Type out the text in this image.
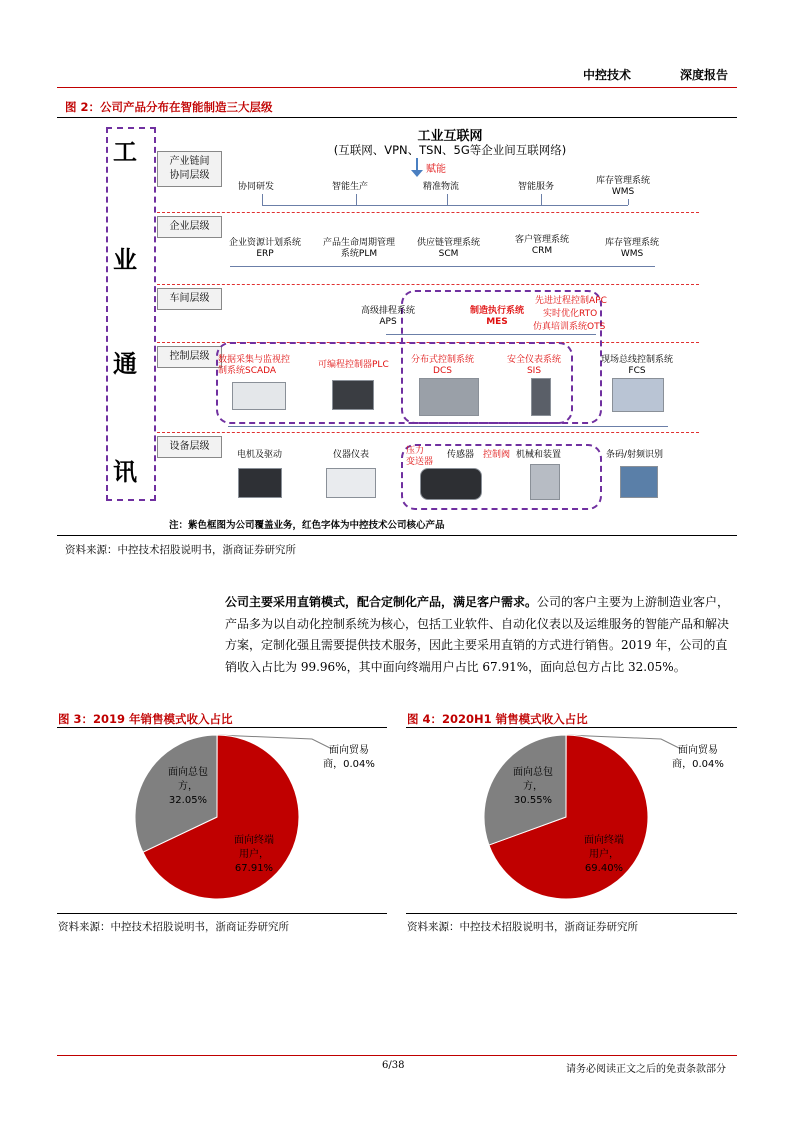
中控技术	深度报告
图 2：公司产品分布在智能制造三大层级
工
业
通
讯
工业互联网
(互联网、VPN、TSN、5G等企业间互联网络)
赋能
产业链间
协同层级
企业层级
车间层级
控制层级
设备层级
协同研发	智能生产	精准物流	智能服务
库存管理系统
WMS
企业资源计划系统
ERP
产品生命周期管理
系统PLM
供应链管理系统
SCM
客户管理系统
CRM
库存管理系统
WMS
高级排程系统
APS
制造执行系统
MES
先进过程控制APC
实时优化RTO
仿真培训系统OTS
数据采集与监视控
制系统SCADA
可编程控制器PLC 分布式控制系统
DCS
安全仪表系统
SIS
现场总线控制系统
FCS
电机及驱动	仪器仪表	压力
变送器
传感器 控制阀 机械和装置	条码/射频识别
注：紫色框图为公司覆盖业务，红色字体为中控技术公司核心产品
资料来源：中控技术招股说明书，浙商证券研究所
公司主要采用直销模式，配合定制化产品，满足客户需求。公司的客户主要为上游制造业客户，产品多为以自动化控制系统为核心，包括工业软件、自动化仪表以及运维服务的智能产品和解决方案，定制化强且需要提供技术服务，因此主要采用直销的方式进行销售。2019 年，公司的直销收入占比为 99.96%，其中面向终端用户占比 67.91%，面向总包方占比 32.05%。
图 3：2019 年销售模式收入占比
面向总包
方，
32.05%
面向终端
用户，
67.91%
面向贸易
商，0.04%
资料来源：中控技术招股说明书，浙商证券研究所
图 4：2020H1 销售模式收入占比
面向总包
方，
30.55%
面向终端
用户，
69.40%
面向贸易
商，0.04%
资料来源：中控技术招股说明书，浙商证券研究所
6/38	请务必阅读正文之后的免责条款部分
